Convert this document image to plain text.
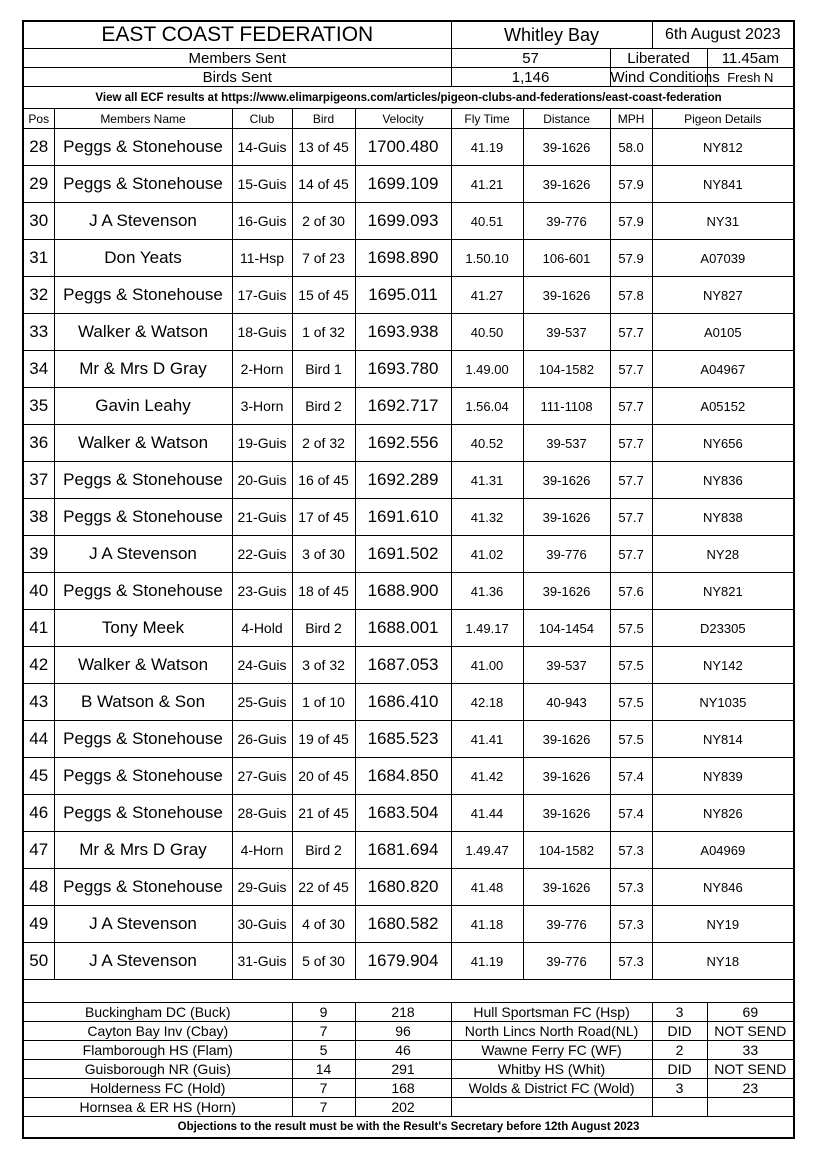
EAST COAST FEDERATION					Whitley Bay			6th August 2023	
Members Sent					57		Liberated		11.45am
Birds Sent					1,146		Wind Conditions		Fresh N
View all ECF results at https://www.elimarpigeons.com/articles/pigeon-clubs-and-federations/east-coast-federation									
Pos	Members Name	Club	Bird	Velocity	Fly Time	Distance	MPH	Pigeon Details	
28	Peggs & Stonehouse	14-Guis	13 of 45	1700.480	41.19	39-1626	58.0	NY812	
29	Peggs & Stonehouse	15-Guis	14 of 45	1699.109	41.21	39-1626	57.9	NY841	
30	J A Stevenson	16-Guis	2 of 30	1699.093	40.51	39-776	57.9	NY31	
31	Don Yeats	11-Hsp	7 of 23	1698.890	1.50.10	106-601	57.9	A07039	
32	Peggs & Stonehouse	17-Guis	15 of 45	1695.011	41.27	39-1626	57.8	NY827	
33	Walker & Watson	18-Guis	1 of 32	1693.938	40.50	39-537	57.7	A0105	
34	Mr & Mrs D Gray	2-Horn	Bird 1	1693.780	1.49.00	104-1582	57.7	A04967	
35	Gavin Leahy	3-Horn	Bird 2	1692.717	1.56.04	111-1108	57.7	A05152	
36	Walker & Watson	19-Guis	2 of 32	1692.556	40.52	39-537	57.7	NY656	
37	Peggs & Stonehouse	20-Guis	16 of 45	1692.289	41.31	39-1626	57.7	NY836	
38	Peggs & Stonehouse	21-Guis	17 of 45	1691.610	41.32	39-1626	57.7	NY838	
39	J A Stevenson	22-Guis	3 of 30	1691.502	41.02	39-776	57.7	NY28	
40	Peggs & Stonehouse	23-Guis	18 of 45	1688.900	41.36	39-1626	57.6	NY821	
41	Tony Meek	4-Hold	Bird 2	1688.001	1.49.17	104-1454	57.5	D23305	
42	Walker & Watson	24-Guis	3 of 32	1687.053	41.00	39-537	57.5	NY142	
43	B Watson & Son	25-Guis	1 of 10	1686.410	42.18	40-943	57.5	NY1035	
44	Peggs & Stonehouse	26-Guis	19 of 45	1685.523	41.41	39-1626	57.5	NY814	
45	Peggs & Stonehouse	27-Guis	20 of 45	1684.850	41.42	39-1626	57.4	NY839	
46	Peggs & Stonehouse	28-Guis	21 of 45	1683.504	41.44	39-1626	57.4	NY826	
47	Mr & Mrs D Gray	4-Horn	Bird 2	1681.694	1.49.47	104-1582	57.3	A04969	
48	Peggs & Stonehouse	29-Guis	22 of 45	1680.820	41.48	39-1626	57.3	NY846	
49	J A Stevenson	30-Guis	4 of 30	1680.582	41.18	39-776	57.3	NY19	
50	J A Stevenson	31-Guis	5 of 30	1679.904	41.19	39-776	57.3	NY18	

Buckingham DC (Buck)			9	218	Hull Sportsman FC (Hsp)			3	69
Cayton Bay Inv (Cbay)			7	96	North Lincs North Road(NL)			DID	NOT SEND
Flamborough HS (Flam)			5	46	Wawne Ferry FC (WF)			2	33
Guisborough NR (Guis)			14	291	Whitby HS (Whit)			DID	NOT SEND
Holderness FC (Hold)			7	168	Wolds & District FC (Wold)			3	23
Hornsea & ER HS (Horn)			7	202					
Objections to the result must be with the Result's Secretary before 12th August 2023									
